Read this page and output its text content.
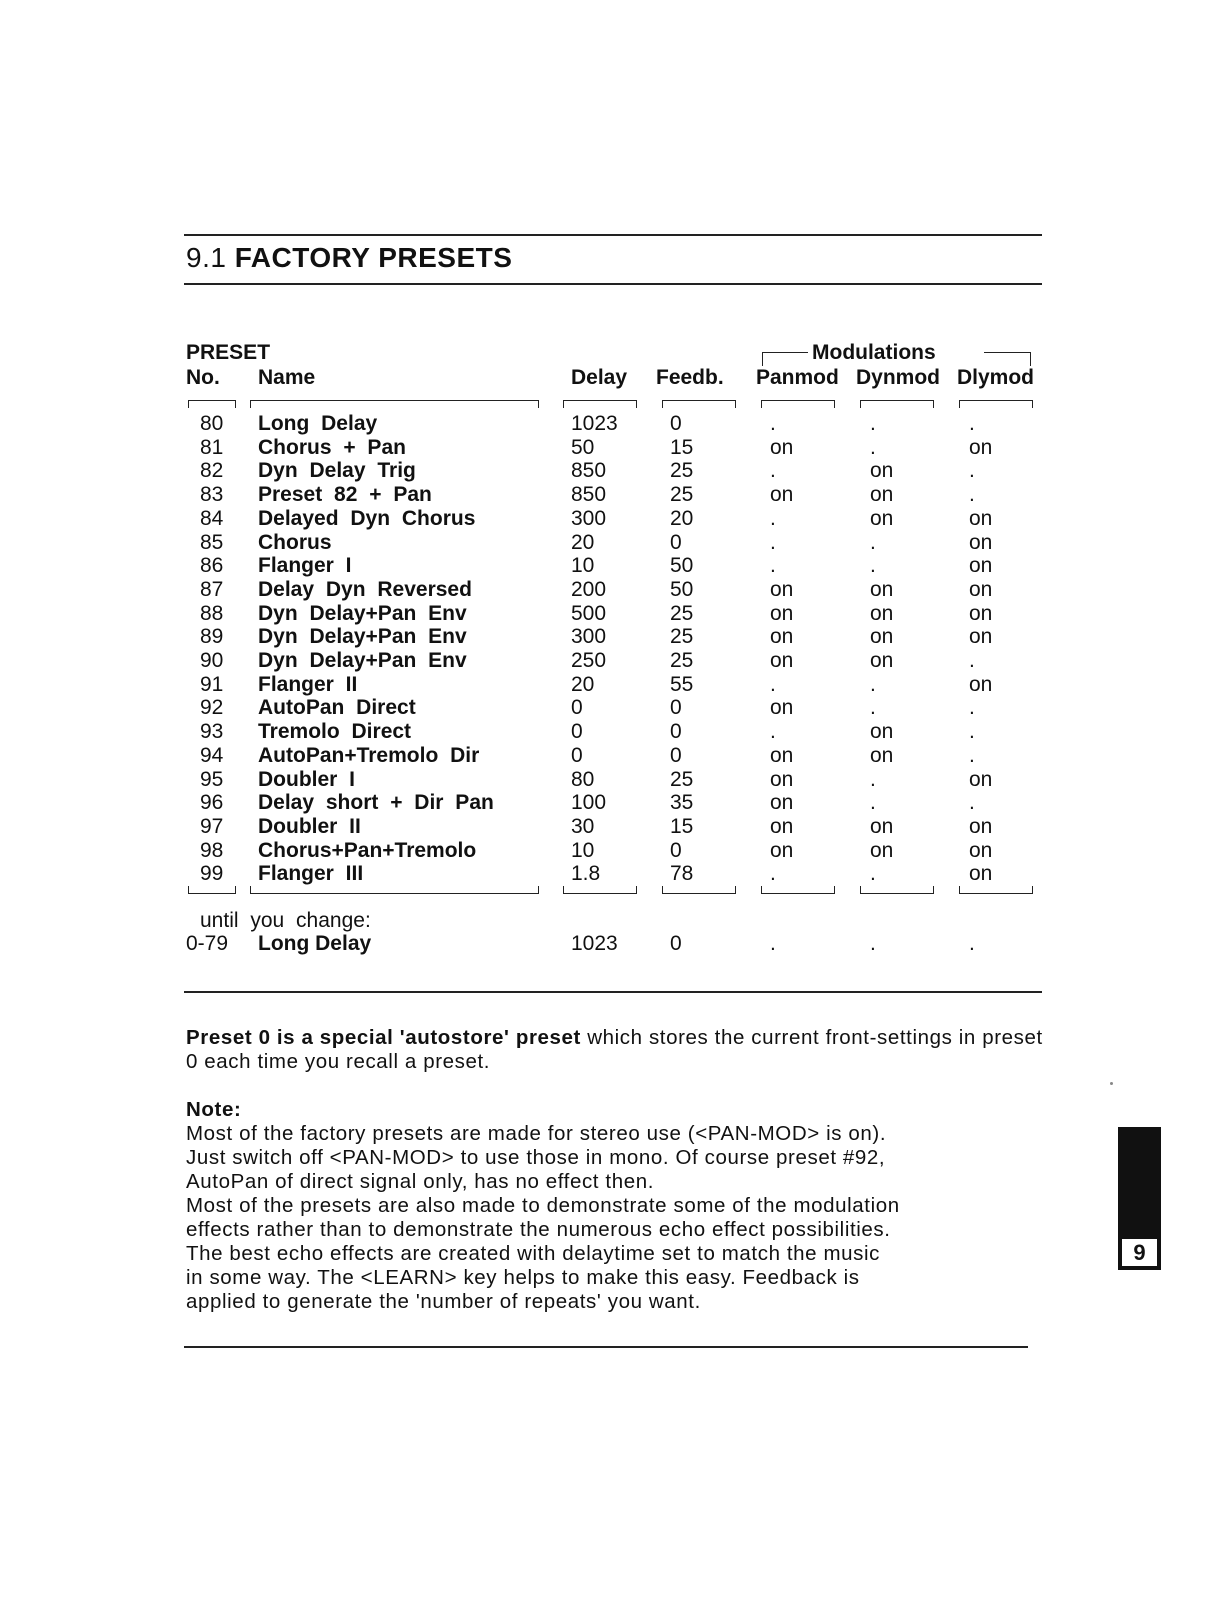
9.1 FACTORY PRESETS
PRESET	Modulations
No. Name	Delay Feedb. Panmod Dynmod Dlymod
80 Long Delay	1023 0	.	.	.
81 Chorus + Pan	50	15	on	.	on
82 Dyn Delay Trig	850	25	.	on	.
83 Preset 82 + Pan	850	25	on	on	.
84 Delayed Dyn Chorus	300	20	.	on	on
85 Chorus	20	0	.	.	on
86 Flanger I	10	50	.	.	on
87 Delay Dyn Reversed	200	50	on	on	on
88 Dyn Delay+Pan Env	500	25	on	on	on
89 Dyn Delay+Pan Env	300	25	on	on	on
90 Dyn Delay+Pan Env	250	25	on	on	.
91 Flanger II	20	55	.	.	on
92 AutoPan Direct	0	0	on	.	.
93 Tremolo Direct	0	0	.	on	.
94 AutoPan+Tremolo Dir	0	0	on	on	.
95 Doubler I	80	25	on	.	on
96 Delay short + Dir Pan	100	35	on	.	.
97 Doubler II	30	15	on	on	on
98 Chorus+Pan+Tremolo	10	0	on	on	on
99 Flanger III	1.8	78	.	.	on
until you change:
0-79 Long Delay	1023 0	.	.	.
Preset 0 is a special 'autostore' preset which stores the current front-settings in preset 0 each time you recall a preset.
Note:
Most of the factory presets are made for stereo use (<PAN-MOD> is on).
Just switch off <PAN-MOD> to use those in mono. Of course preset #92,
AutoPan of direct signal only, has no effect then.
Most of the presets are also made to demonstrate some of the modulation
effects rather than to demonstrate the numerous echo effect possibilities.
The best echo effects are created with delaytime set to match the music
in some way. The <LEARN> key helps to make this easy. Feedback is
applied to generate the 'number of repeats' you want.
9
